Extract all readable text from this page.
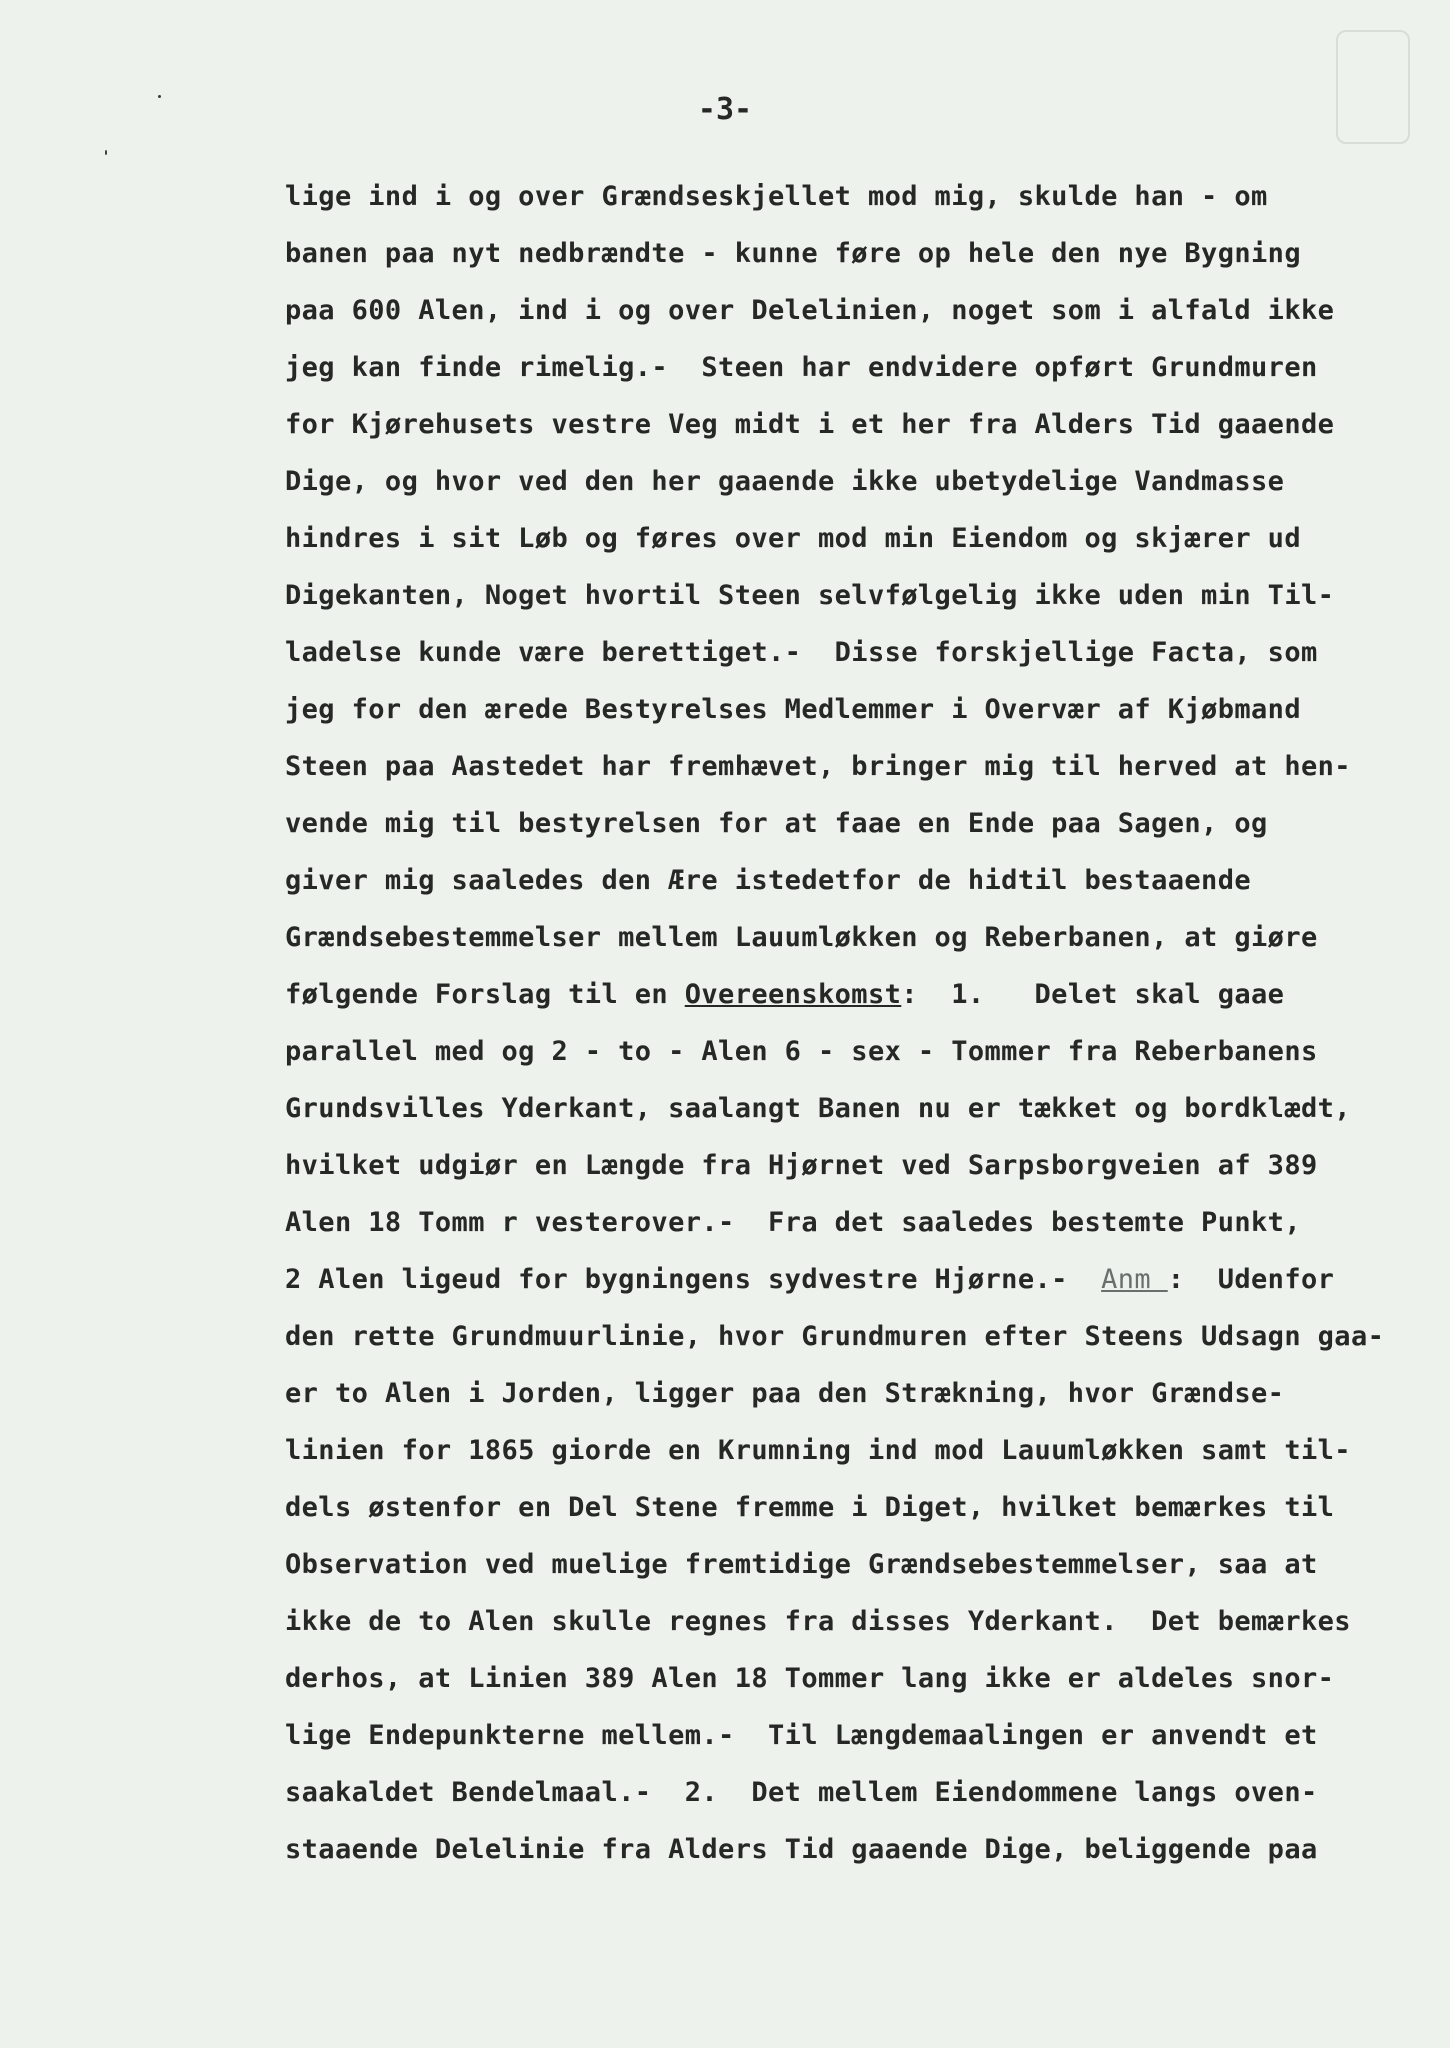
-3-
lige ind i og over Grændseskjellet mod mig, skulde han - om
banen paa nyt nedbrændte - kunne føre op hele den nye Bygning
paa 600 Alen, ind i og over Delelinien, noget som i alfald ikke
jeg kan finde rimelig.-  Steen har endvidere opført Grundmuren
for Kjørehusets vestre Veg midt i et her fra Alders Tid gaaende
Dige, og hvor ved den her gaaende ikke ubetydelige Vandmasse
hindres i sit Løb og føres over mod min Eiendom og skjærer ud
Digekanten, Noget hvortil Steen selvfølgelig ikke uden min Til-
ladelse kunde være berettiget.-  Disse forskjellige Facta, som
jeg for den ærede Bestyrelses Medlemmer i Overvær af Kjøbmand
Steen paa Aastedet har fremhævet, bringer mig til herved at hen-
vende mig til bestyrelsen for at faae en Ende paa Sagen, og
giver mig saaledes den Ære istedetfor de hidtil bestaaende
Grændsebestemmelser mellem Lauumløkken og Reberbanen, at giøre
følgende Forslag til en Overeenskomst:  1.   Delet skal gaae
parallel med og 2 - to - Alen 6 - sex - Tommer fra Reberbanens
Grundsvilles Yderkant, saalangt Banen nu er tækket og bordklædt,
hvilket udgiør en Længde fra Hjørnet ved Sarpsborgveien af 389
Alen 18 Tomm r vesterover.-  Fra det saaledes bestemte Punkt,
2 Alen ligeud for bygningens sydvestre Hjørne.-  Anm :  Udenfor
den rette Grundmuurlinie, hvor Grundmuren efter Steens Udsagn gaa-
er to Alen i Jorden, ligger paa den Strækning, hvor Grændse-
linien for 1865 giorde en Krumning ind mod Lauumløkken samt til-
dels østenfor en Del Stene fremme i Diget, hvilket bemærkes til
Observation ved muelige fremtidige Grændsebestemmelser, saa at
ikke de to Alen skulle regnes fra disses Yderkant.  Det bemærkes
derhos, at Linien 389 Alen 18 Tommer lang ikke er aldeles snor-
lige Endepunkterne mellem.-  Til Længdemaalingen er anvendt et
saakaldet Bendelmaal.-  2.  Det mellem Eiendommene langs oven-
staaende Delelinie fra Alders Tid gaaende Dige, beliggende paa
